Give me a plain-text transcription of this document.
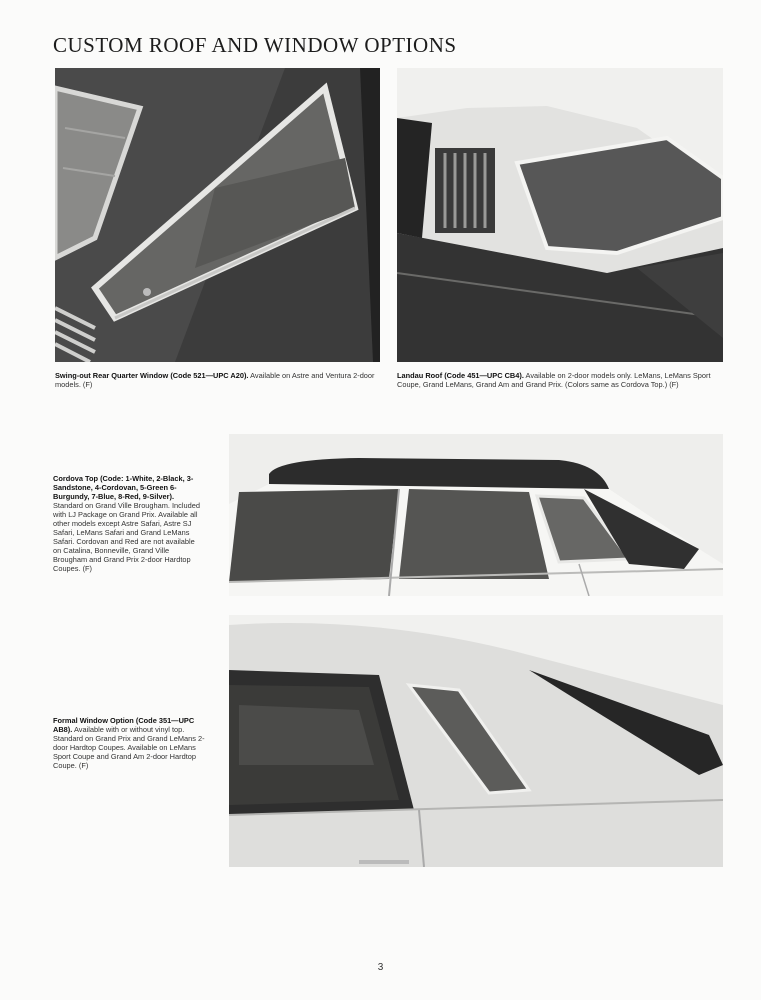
CUSTOM ROOF AND WINDOW OPTIONS

Swing-out Rear Quarter Window (Code 521—UPC A20). Available on Astre and Ventura 2-door models. (F)

Landau Roof (Code 451—UPC CB4). Available on 2-door models only. LeMans, LeMans Sport Coupe, Grand LeMans, Grand Am and Grand Prix. (Colors same as Cordova Top.) (F)

Cordova Top (Code: 1-White, 2-Black, 3-Sandstone, 4-Cordovan, 5-Green 6-Burgundy, 7-Blue, 8-Red, 9-Silver). Standard on Grand Ville Brougham. Included with LJ Package on Grand Prix. Available all other models except Astre Safari, Astre SJ Safari, LeMans Safari and Grand LeMans Safari. Cordovan and Red are not available on Catalina, Bonneville, Grand Ville Brougham and Grand Prix 2-door Hardtop Coupes. (F)

Formal Window Option (Code 351—UPC AB8). Available with or without vinyl top. Standard on Grand Prix and Grand LeMans 2-door Hardtop Coupes. Available on LeMans Sport Coupe and Grand Am 2-door Hardtop Coupe. (F)

3
